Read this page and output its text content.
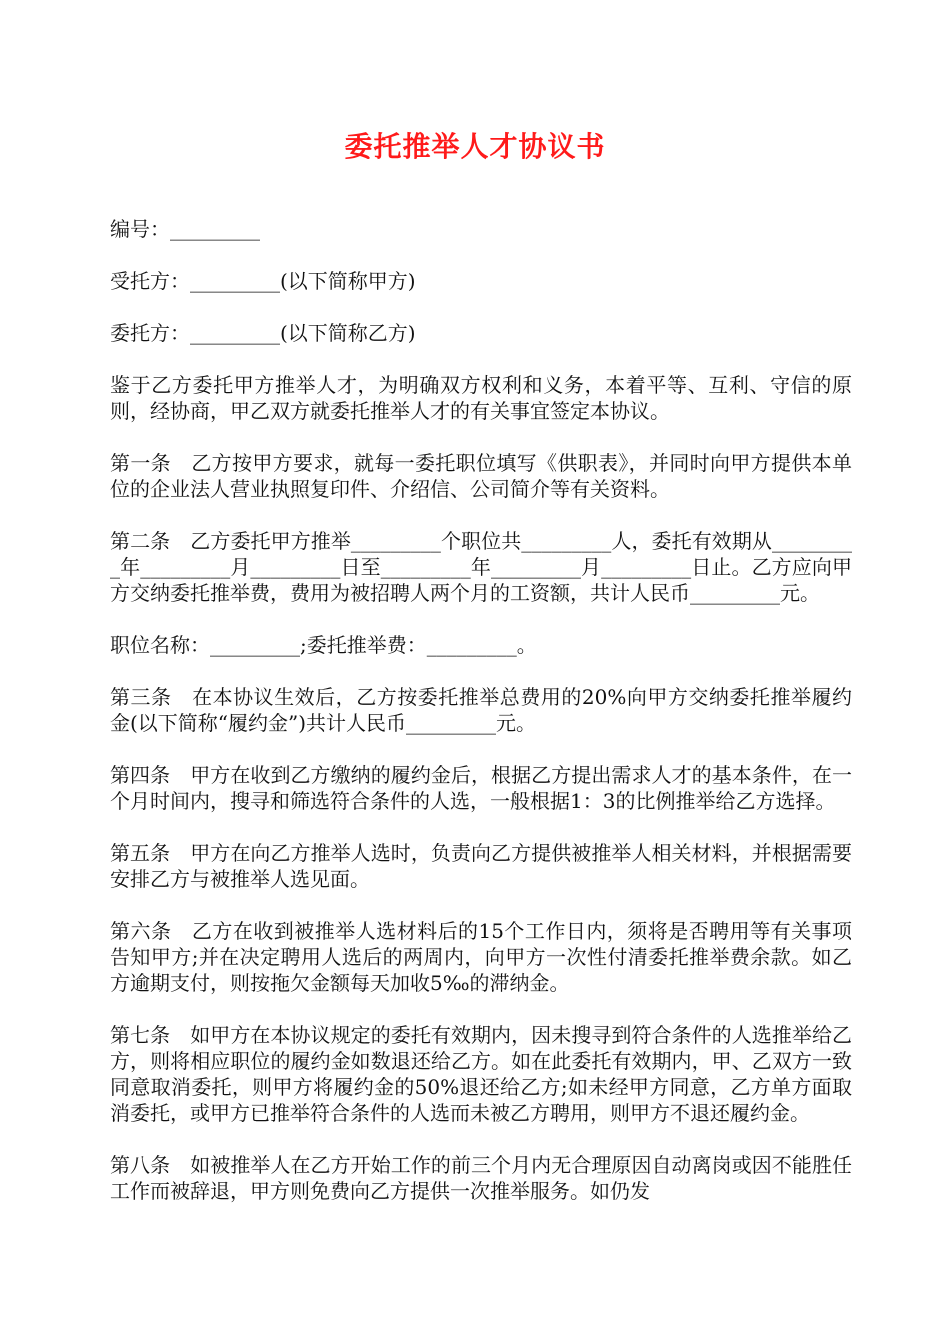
委托推举人才协议书

编号：_________

受托方：_________(以下简称甲方)

委托方：_________(以下简称乙方)

鉴于乙方委托甲方推举人才，为明确双方权利和义务，本着平等、互利、守信的原则，经协商，甲乙双方就委托推举人才的有关事宜签定本协议。

第一条　乙方按甲方要求，就每一委托职位填写《供职表》，并同时向甲方提供本单位的企业法人营业执照复印件、介绍信、公司简介等有关资料。

第二条　乙方委托甲方推举_________个职位共_________人，委托有效期从_________年_________月_________日至_________年_________月_________日止。乙方应向甲方交纳委托推举费，费用为被招聘人两个月的工资额，共计人民币_________元。

职位名称：_________;委托推举费：_________。

第三条　在本协议生效后，乙方按委托推举总费用的20%向甲方交纳委托推举履约金(以下简称“履约金”)共计人民币_________元。

第四条　甲方在收到乙方缴纳的履约金后，根据乙方提出需求人才的基本条件，在一个月时间内，搜寻和筛选符合条件的人选，一般根据1：3的比例推举给乙方选择。

第五条　甲方在向乙方推举人选时，负责向乙方提供被推举人相关材料，并根据需要安排乙方与被推举人选见面。

第六条　乙方在收到被推举人选材料后的15个工作日内，须将是否聘用等有关事项告知甲方;并在决定聘用人选后的两周内，向甲方一次性付清委托推举费余款。如乙方逾期支付，则按拖欠金额每天加收5‰的滞纳金。

第七条　如甲方在本协议规定的委托有效期内，因未搜寻到符合条件的人选推举给乙方，则将相应职位的履约金如数退还给乙方。如在此委托有效期内，甲、乙双方一致同意取消委托，则甲方将履约金的50%退还给乙方;如未经甲方同意，乙方单方面取消委托，或甲方已推举符合条件的人选而未被乙方聘用，则甲方不退还履约金。

第八条　如被推举人在乙方开始工作的前三个月内无合理原因自动离岗或因不能胜任工作而被辞退，甲方则免费向乙方提供一次推举服务。如仍发
